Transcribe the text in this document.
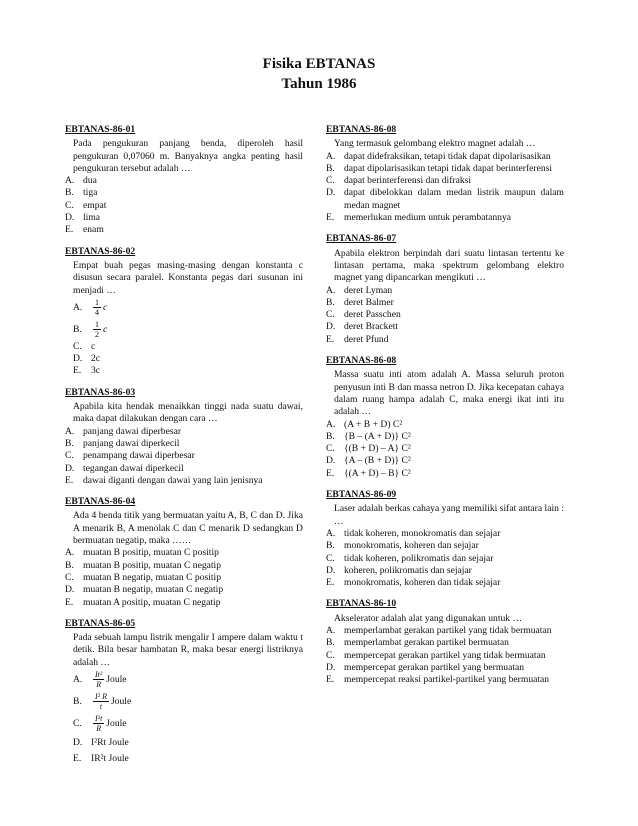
Fisika EBTANAS
Tahun 1986
EBTANAS-86-01
Pada pengukuran panjang benda, diperoleh hasil pengukuran 0,07060 m. Banyaknya angka penting hasil pengukuran tersebut adalah …
A. dua
B. tiga
C. empat
D. lima
E.	enam
EBTANAS-86-02
Empat buah pegas masing-masing dengan konstanta c disusun secara paralel. Konstanta pegas dari susunan ini menjadi …
A.	$\frac{1}{4}$ c
B.	$\frac{1}{2}$ c
C. c
D. 2c
E.	3c
EBTANAS-86-03
Apabila kita hendak menaikkan tinggi nada suatu dawai, maka dapat dilakukan dengan cara …
A. panjang dawai diperbesar
B. panjang dawai diperkecil
C. penampang dawai diperbesar
D. tegangan dawai diperkecil
E.	dawai diganti dengan dawai yang lain jenisnya
EBTANAS-86-04
Ada 4 benda titik yang bermuatan yaitu A, B, C dan D. Jika A menarik B, A menolak C dan C menarik D sedangkan D bermuatan negatip, maka ……
A. muatan B positip, muatan C positip
B. muatan B positip, muatan C negatip
C. muatan B negatip, muatan C positip
D. muatan B negatip, muatan C negatip
E.	muatan A positip, muatan C negatip
EBTANAS-86-05
Pada sebuah lampu listrik mengalir I ampere dalam waktu t detik. Bila besar hambatan R, maka besar energi listriknya adalah …
A.	$\frac{\text{It²}}{R}$ Joule
B.	$\frac{\text{I² R}}{t}$ Joule
C.	$\frac{\text{I²t}}{R}$ Joule
D. I²Rt Joule
E.	IR²t Joule
EBTANAS-86-08
Yang termasuk gelombang elektro magnet adalah …
A. dapat didefraksikan, tetapi tidak dapat dipolarisasikan
B. dapat dipolarisasikan tetapi tidak dapat berinterferensi
C. dapat berinterferensi dan difraksi
D. dapat dibelokkan dalam medan listrik maupun dalam medan magnet
E.	memerlukan medium untuk perambatannya
EBTANAS-86-07
Apabila elektron berpindah dari suatu lintasan tertentu ke lintasan pertama, maka spektrum gelombang elektro magnet yang dipancarkan mengikuti …
A. deret Lyman
B. deret Balmer
C. deret Passchen
D. deret Brackett
E.	deret Pfund
EBTANAS-86-08
Massa suatu inti atom adalah A. Massa seluruh proton penyusun inti B dan massa netron D. Jika kecepatan cahaya dalam ruang hampa adalah C, maka energi ikat inti itu adalah …
A. (A + B + D) C²
B. {B – (A + D)} C²
C. {(B + D) – A} C²
D. {A – (B + D)} C²
E.	{(A + D) – B} C²
EBTANAS-86-09
Laser adalah berkas cahaya yang memiliki sifat antara lain : …
A. tidak koheren, monokromatis dan sejajar
B. monokromatis, koheren dan sejajar
C. tidak koheren, polikromatis dan sejajar
D. koheren, polikromatis dan sejajar
E.	monokromatis, koheren dan tidak sejajar
EBTANAS-86-10
Akselerator adalah alat yang digunakan untuk …
A. memperlambat gerakan partikel yang tidak bermuatan
B. memperlambat gerakan partikel bermuatan
C. mempercepat gerakan partikel yang tidak bermuatan
D. mempercepat gerakan partikel yang bermuatan
E.	mempercepat reaksi partikel-partikel yang bermuatan
